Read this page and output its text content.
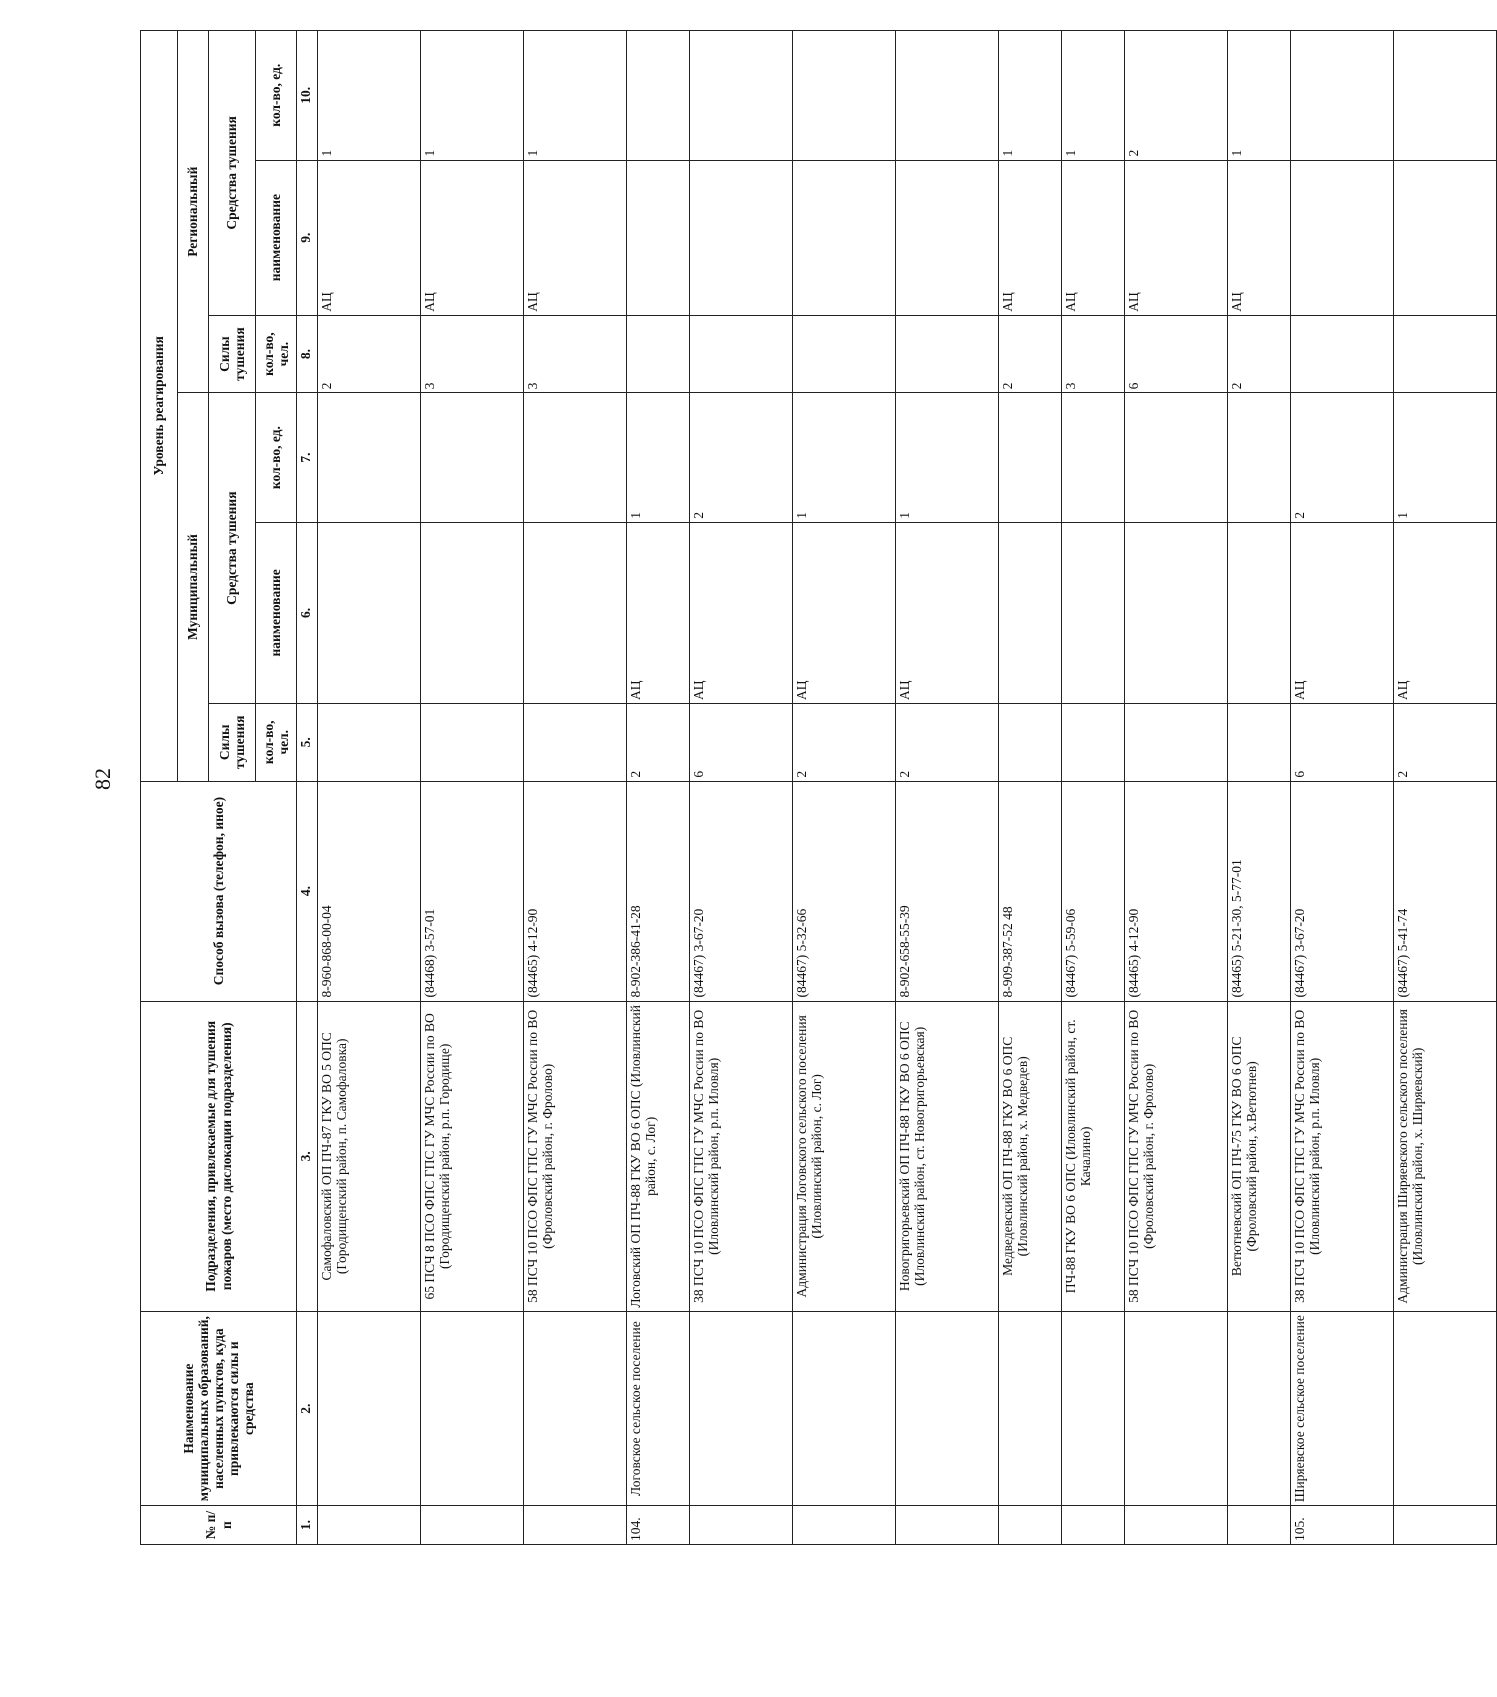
82
№ п/п	Наименование муниципальных образований, населенных пунктов, куда привлекаются силы и средства	Подразделения, привлекаемые для тушения пожаров (место дислокации подразделения)	Способ вызова (телефон, иное)	Уровень реагирования					
				Муниципальный			Региональный		
				Силы тушения	Средства тушения		Силы тушения	Средства тушения	
				кол-во, чел.	наименование	кол-во, ед.	кол-во, чел.	наименование	кол-во, ед.
1.	2.	3.	4.	5.	6.	7.	8.	9.	10.
		Самофаловский ОП ПЧ-87 ГКУ ВО 5 ОПС (Городищенский район, п. Самофаловка)	8-960-868-00-04				2	АЦ	1
		65 ПСЧ 8 ПСО ФПС ГПС ГУ МЧС России по ВО (Городищенский район, р.п. Городище)	(84468) 3-57-01				3	АЦ	1
		58 ПСЧ 10 ПСО ФПС ГПС ГУ МЧС России по ВО (Фроловский район, г. Фролово)	(84465) 4-12-90				3	АЦ	1
104.	Логовское сельское поселение	Логовский ОП ПЧ-88 ГКУ ВО 6 ОПС (Иловлинский район, с. Лог)	8-902-386-41-28	2	АЦ	1			
		38 ПСЧ 10 ПСО ФПС ГПС ГУ МЧС России по ВО (Иловлинский район, р.п. Иловля)	(84467) 3-67-20	6	АЦ	2			
		Администрация Логовского сельского поселения (Иловлинский район, с. Лог)	(84467) 5-32-66	2	АЦ	1			
		Новогригорьевский ОП ПЧ-88 ГКУ ВО 6 ОПС (Иловлинский район, ст. Новогригорьевская)	8-902-658-55-39	2	АЦ	1			
		Медведевский ОП ПЧ-88 ГКУ ВО 6 ОПС (Иловлинский район, х. Медведев)	8-909-387-52 48				2	АЦ	1
		ПЧ-88 ГКУ ВО 6 ОПС (Иловлинский район, ст. Качалино)	(84467) 5-59-06				3	АЦ	1
		58 ПСЧ 10 ПСО ФПС ГПС ГУ МЧС России по ВО (Фроловский район, г. Фролово)	(84465) 4-12-90				6	АЦ	2
		Ветютневский ОП ПЧ-75 ГКУ ВО 6 ОПС (Фроловский район, х.Ветютнев)	(84465) 5-21-30, 5-77-01				2	АЦ	1
105.	Ширяевское сельское поселение	38 ПСЧ 10 ПСО ФПС ГПС ГУ МЧС России по ВО (Иловлинский район, р.п. Иловля)	(84467) 3-67-20	6	АЦ	2			
		Администрация Ширяевского сельского поселения (Иловлинский район, х. Ширяевский)	(84467) 5-41-74	2	АЦ	1			
